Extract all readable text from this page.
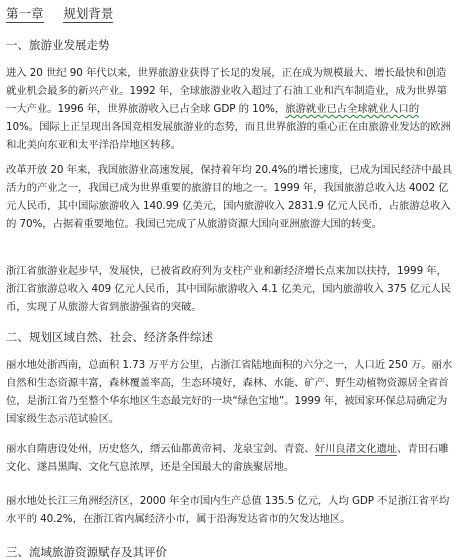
第一章 规划背景
一、旅游业发展走势
进入 20 世纪 90 年代以来，世界旅游业获得了长足的发展，正在成为规模最大、增长最快和创造就业机会最多的新兴产业。1992 年，全球旅游业收入超过了石油工业和汽车制造业，成为世界第一大产业。1996 年，世界旅游收入已占全球 GDP 的 10%，旅游就业已占全球就业人口的 10%。国际上正呈现出各国竞相发展旅游业的态势，而且世界旅游的重心正在由旅游业发达的欧洲和北美向东亚和太平洋沿岸地区转移。
改革开放 20 年来，我国旅游业高速发展，保持着年均 20.4%的增长速度，已成为国民经济中最具活力的产业之一，我国已成为世界重要的旅游目的地之一。1999 年，我国旅游总收入达 4002 亿元人民币，其中国际旅游收入 140.99 亿美元，国内旅游收入 2831.9 亿元人民币，占旅游总收入的 70%，占据着重要地位。我国已完成了从旅游资源大国向亚洲旅游大国的转变。
浙江省旅游业起步早，发展快，已被省政府列为支柱产业和新经济增长点来加以扶持，1999 年，浙江省旅游总收入 409 亿元人民币，其中国际旅游收入 4.1 亿美元，国内旅游收入 375 亿元人民币，实现了从旅游大省到旅游强省的突破。
二、规划区域自然、社会、经济条件综述
丽水地处浙西南，总面积 1.73 万平方公里，占浙江省陆地面积的六分之一，人口近 250 万。丽水自然和生态资源丰富，森林覆盖率高，生态环境好，森林、水能、矿产、野生动植物资源居全省首位，是浙江省乃至整个华东地区生态最完好的一块“绿色宝地”。1999 年，被国家环保总局确定为国家级生态示范试验区。
丽水自隋唐设处州，历史悠久，缙云仙都黄帝祠、龙泉宝剑、青瓷、好川良渚文化遗址、青田石雕文化、遂昌黑陶、文化气息浓厚，还是全国最大的畲族聚居地。
丽水地处长江三角洲经济区，2000 年全市国内生产总值 135.5 亿元，人均 GDP 不足浙江省平均水平的 40.2%，在浙江省内属经济小市，属于沿海发达省市的欠发达地区。
三、流域旅游资源赋存及其评价
